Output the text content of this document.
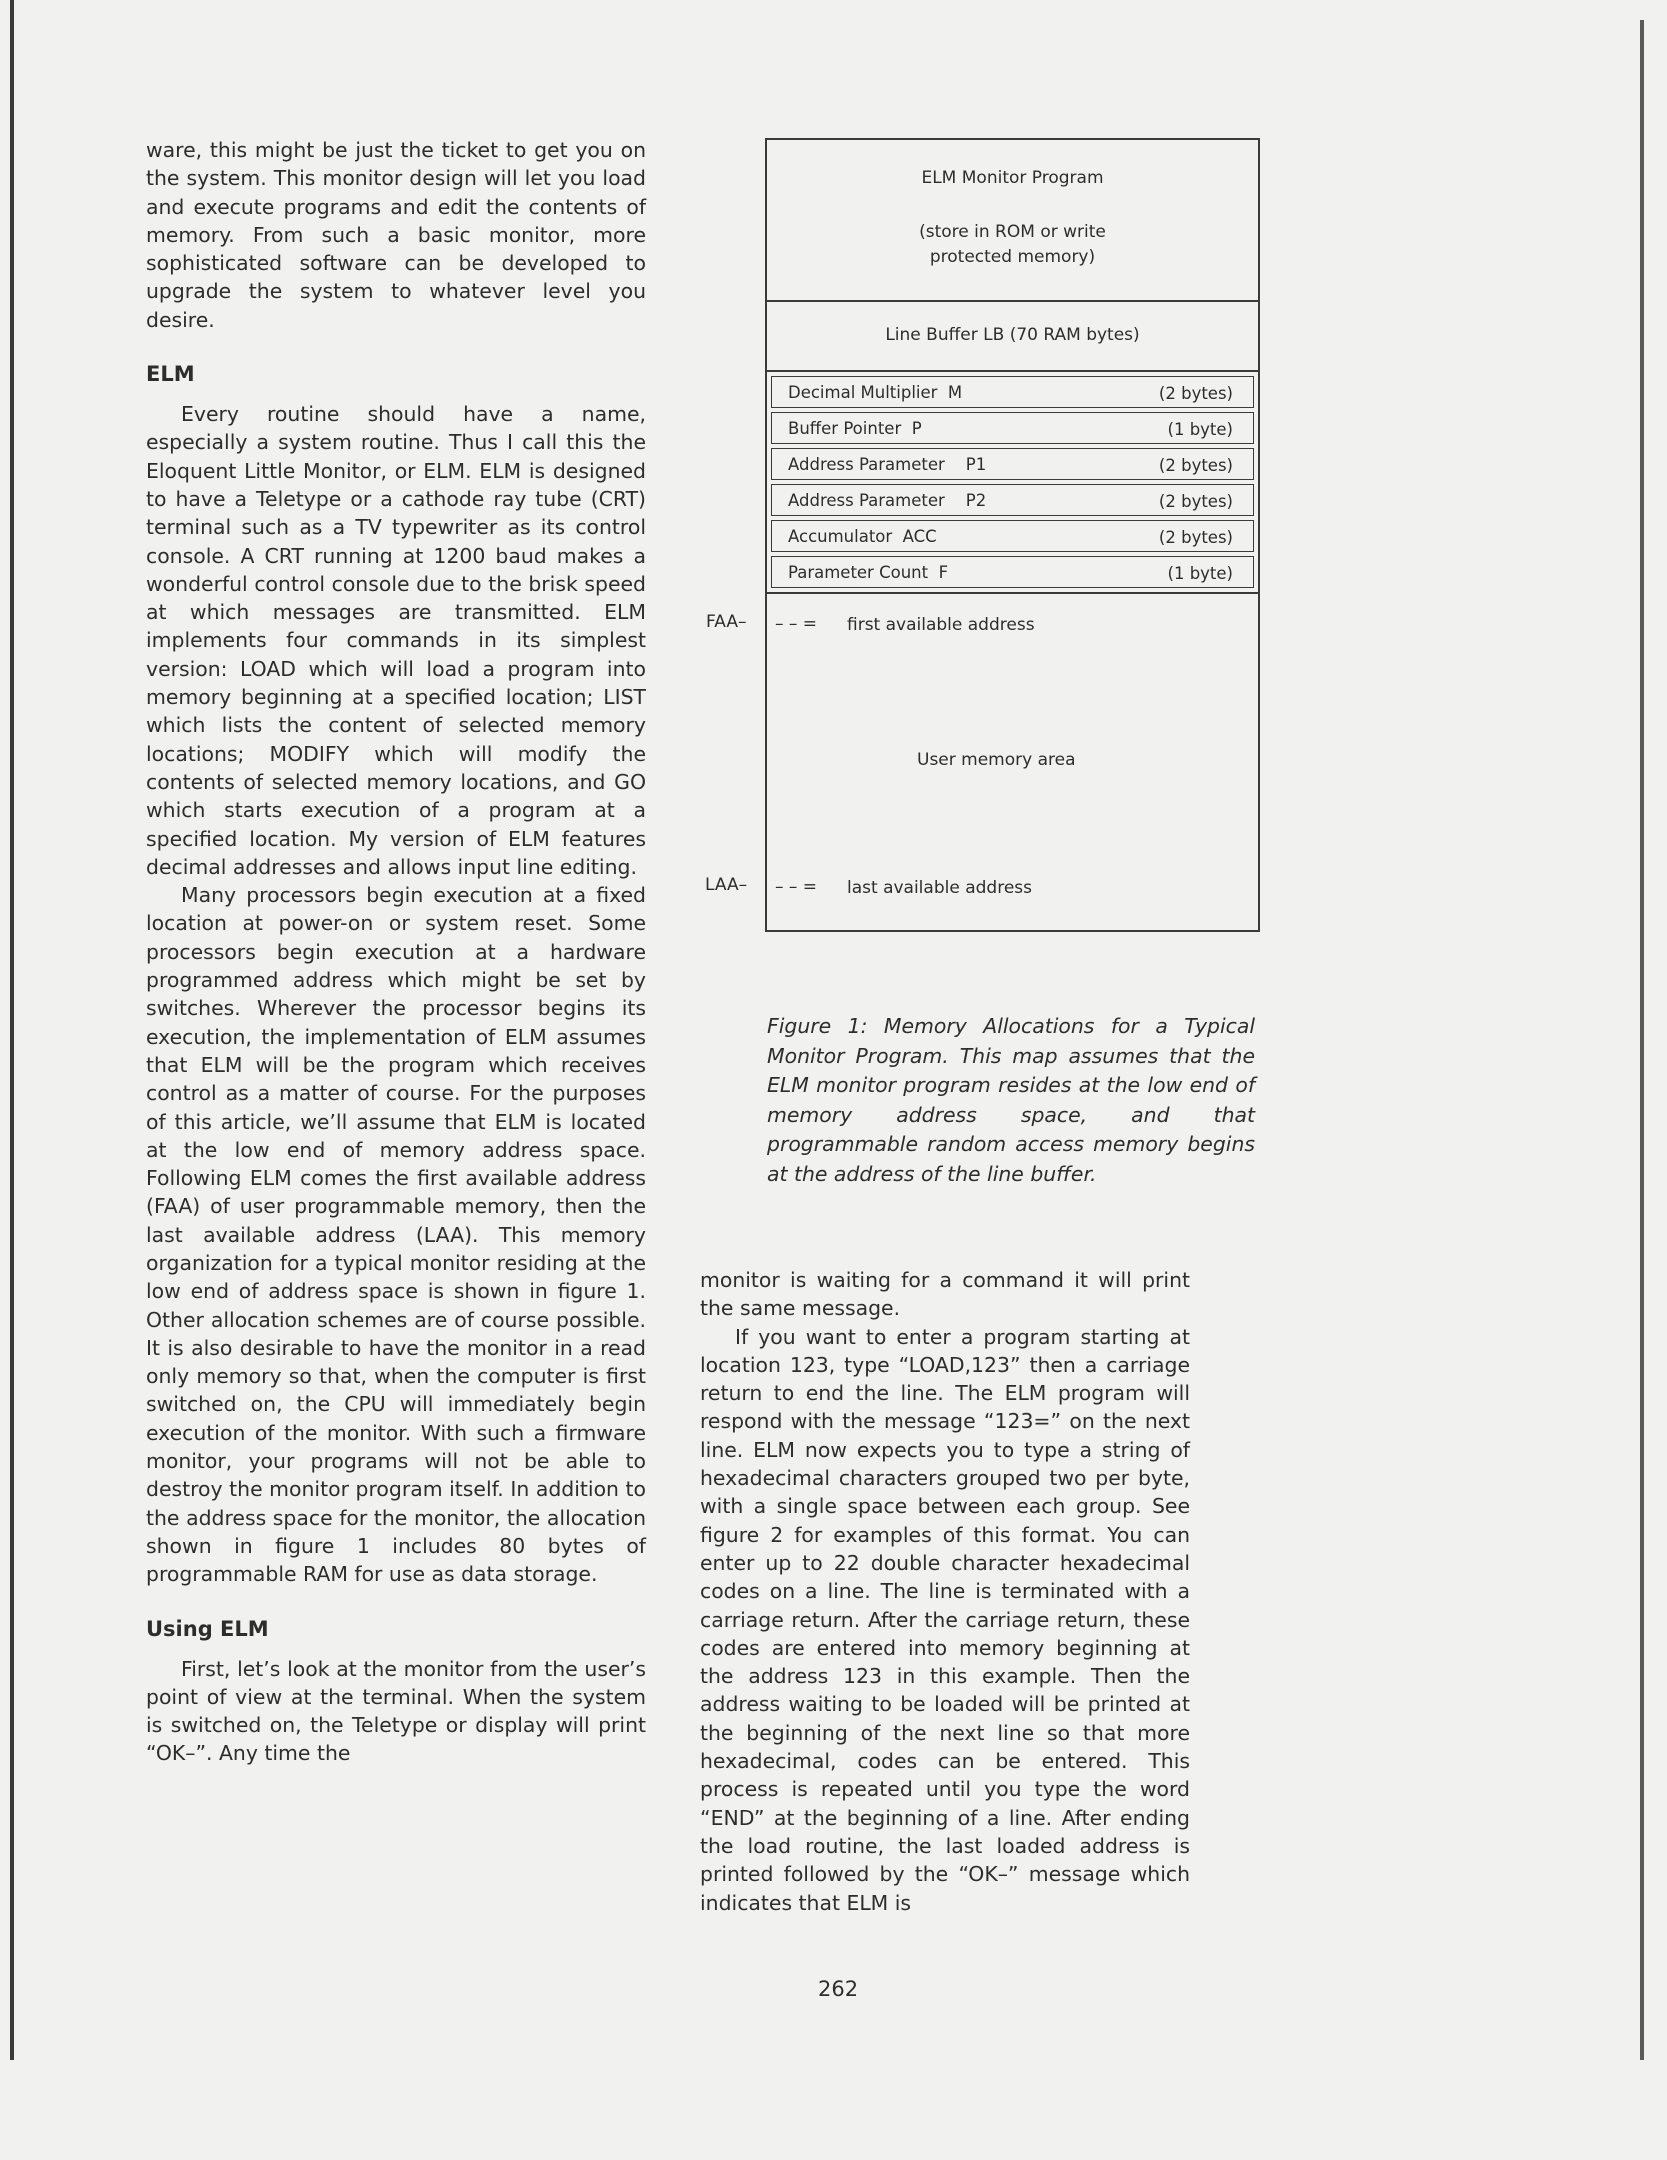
ware, this might be just the ticket to get you on the system. This monitor design will let you load and execute programs and edit the contents of memory. From such a basic monitor, more sophisticated software can be developed to upgrade the system to whatever level you desire.

ELM

Every routine should have a name, especially a system routine. Thus I call this the Eloquent Little Monitor, or ELM. ELM is designed to have a Teletype or a cathode ray tube (CRT) terminal such as a TV typewriter as its control console. A CRT running at 1200 baud makes a wonderful control console due to the brisk speed at which messages are transmitted. ELM implements four commands in its simplest version: LOAD which will load a program into memory beginning at a specified location; LIST which lists the content of selected memory locations; MODIFY which will modify the contents of selected memory locations, and GO which starts execution of a program at a specified location. My version of ELM features decimal addresses and allows input line editing.

Many processors begin execution at a fixed location at power-on or system reset. Some processors begin execution at a hardware programmed address which might be set by switches. Wherever the processor begins its execution, the implementation of ELM assumes that ELM will be the program which receives control as a matter of course. For the purposes of this article, we’ll assume that ELM is located at the low end of memory address space. Following ELM comes the first available address (FAA) of user programmable memory, then the last available address (LAA). This memory organization for a typical monitor residing at the low end of address space is shown in figure 1. Other allocation schemes are of course possible. It is also desirable to have the monitor in a read only memory so that, when the computer is first switched on, the CPU will immediately begin execution of the monitor. With such a firmware monitor, your programs will not be able to destroy the monitor program itself. In addition to the address space for the monitor, the allocation shown in figure 1 includes 80 bytes of programmable RAM for use as data storage.

Using ELM

First, let’s look at the monitor from the user’s point of view at the terminal. When the system is switched on, the Teletype or display will print “OK–”. Any time the

ELM Monitor Program
(store in ROM or write
protected memory)
Line Buffer LB (70 RAM bytes)
Decimal Multiplier  M	(2 bytes)
Buffer Pointer  P	(1 byte)
Address Parameter    P1	(2 bytes)
Address Parameter    P2	(2 bytes)
Accumulator  ACC	(2 bytes)
Parameter Count  F	(1 byte)
– – = first available address
User memory area
– – = last available address
FAA–
LAA–

Figure 1: Memory Allocations for a Typical Monitor Program. This map assumes that the ELM monitor program resides at the low end of memory address space, and that programmable random access memory begins at the address of the line buffer.

monitor is waiting for a command it will print the same message.

If you want to enter a program starting at location 123, type “LOAD,123” then a carriage return to end the line. The ELM program will respond with the message “123=” on the next line. ELM now expects you to type a string of hexadecimal characters grouped two per byte, with a single space between each group. See figure 2 for examples of this format. You can enter up to 22 double character hexadecimal codes on a line. The line is terminated with a carriage return. After the carriage return, these codes are entered into memory beginning at the address 123 in this example. Then the address waiting to be loaded will be printed at the beginning of the next line so that more hexadecimal, codes can be entered. This process is repeated until you type the word “END” at the beginning of a line. After ending the load routine, the last loaded address is printed followed by the “OK–” message which indicates that ELM is

262
